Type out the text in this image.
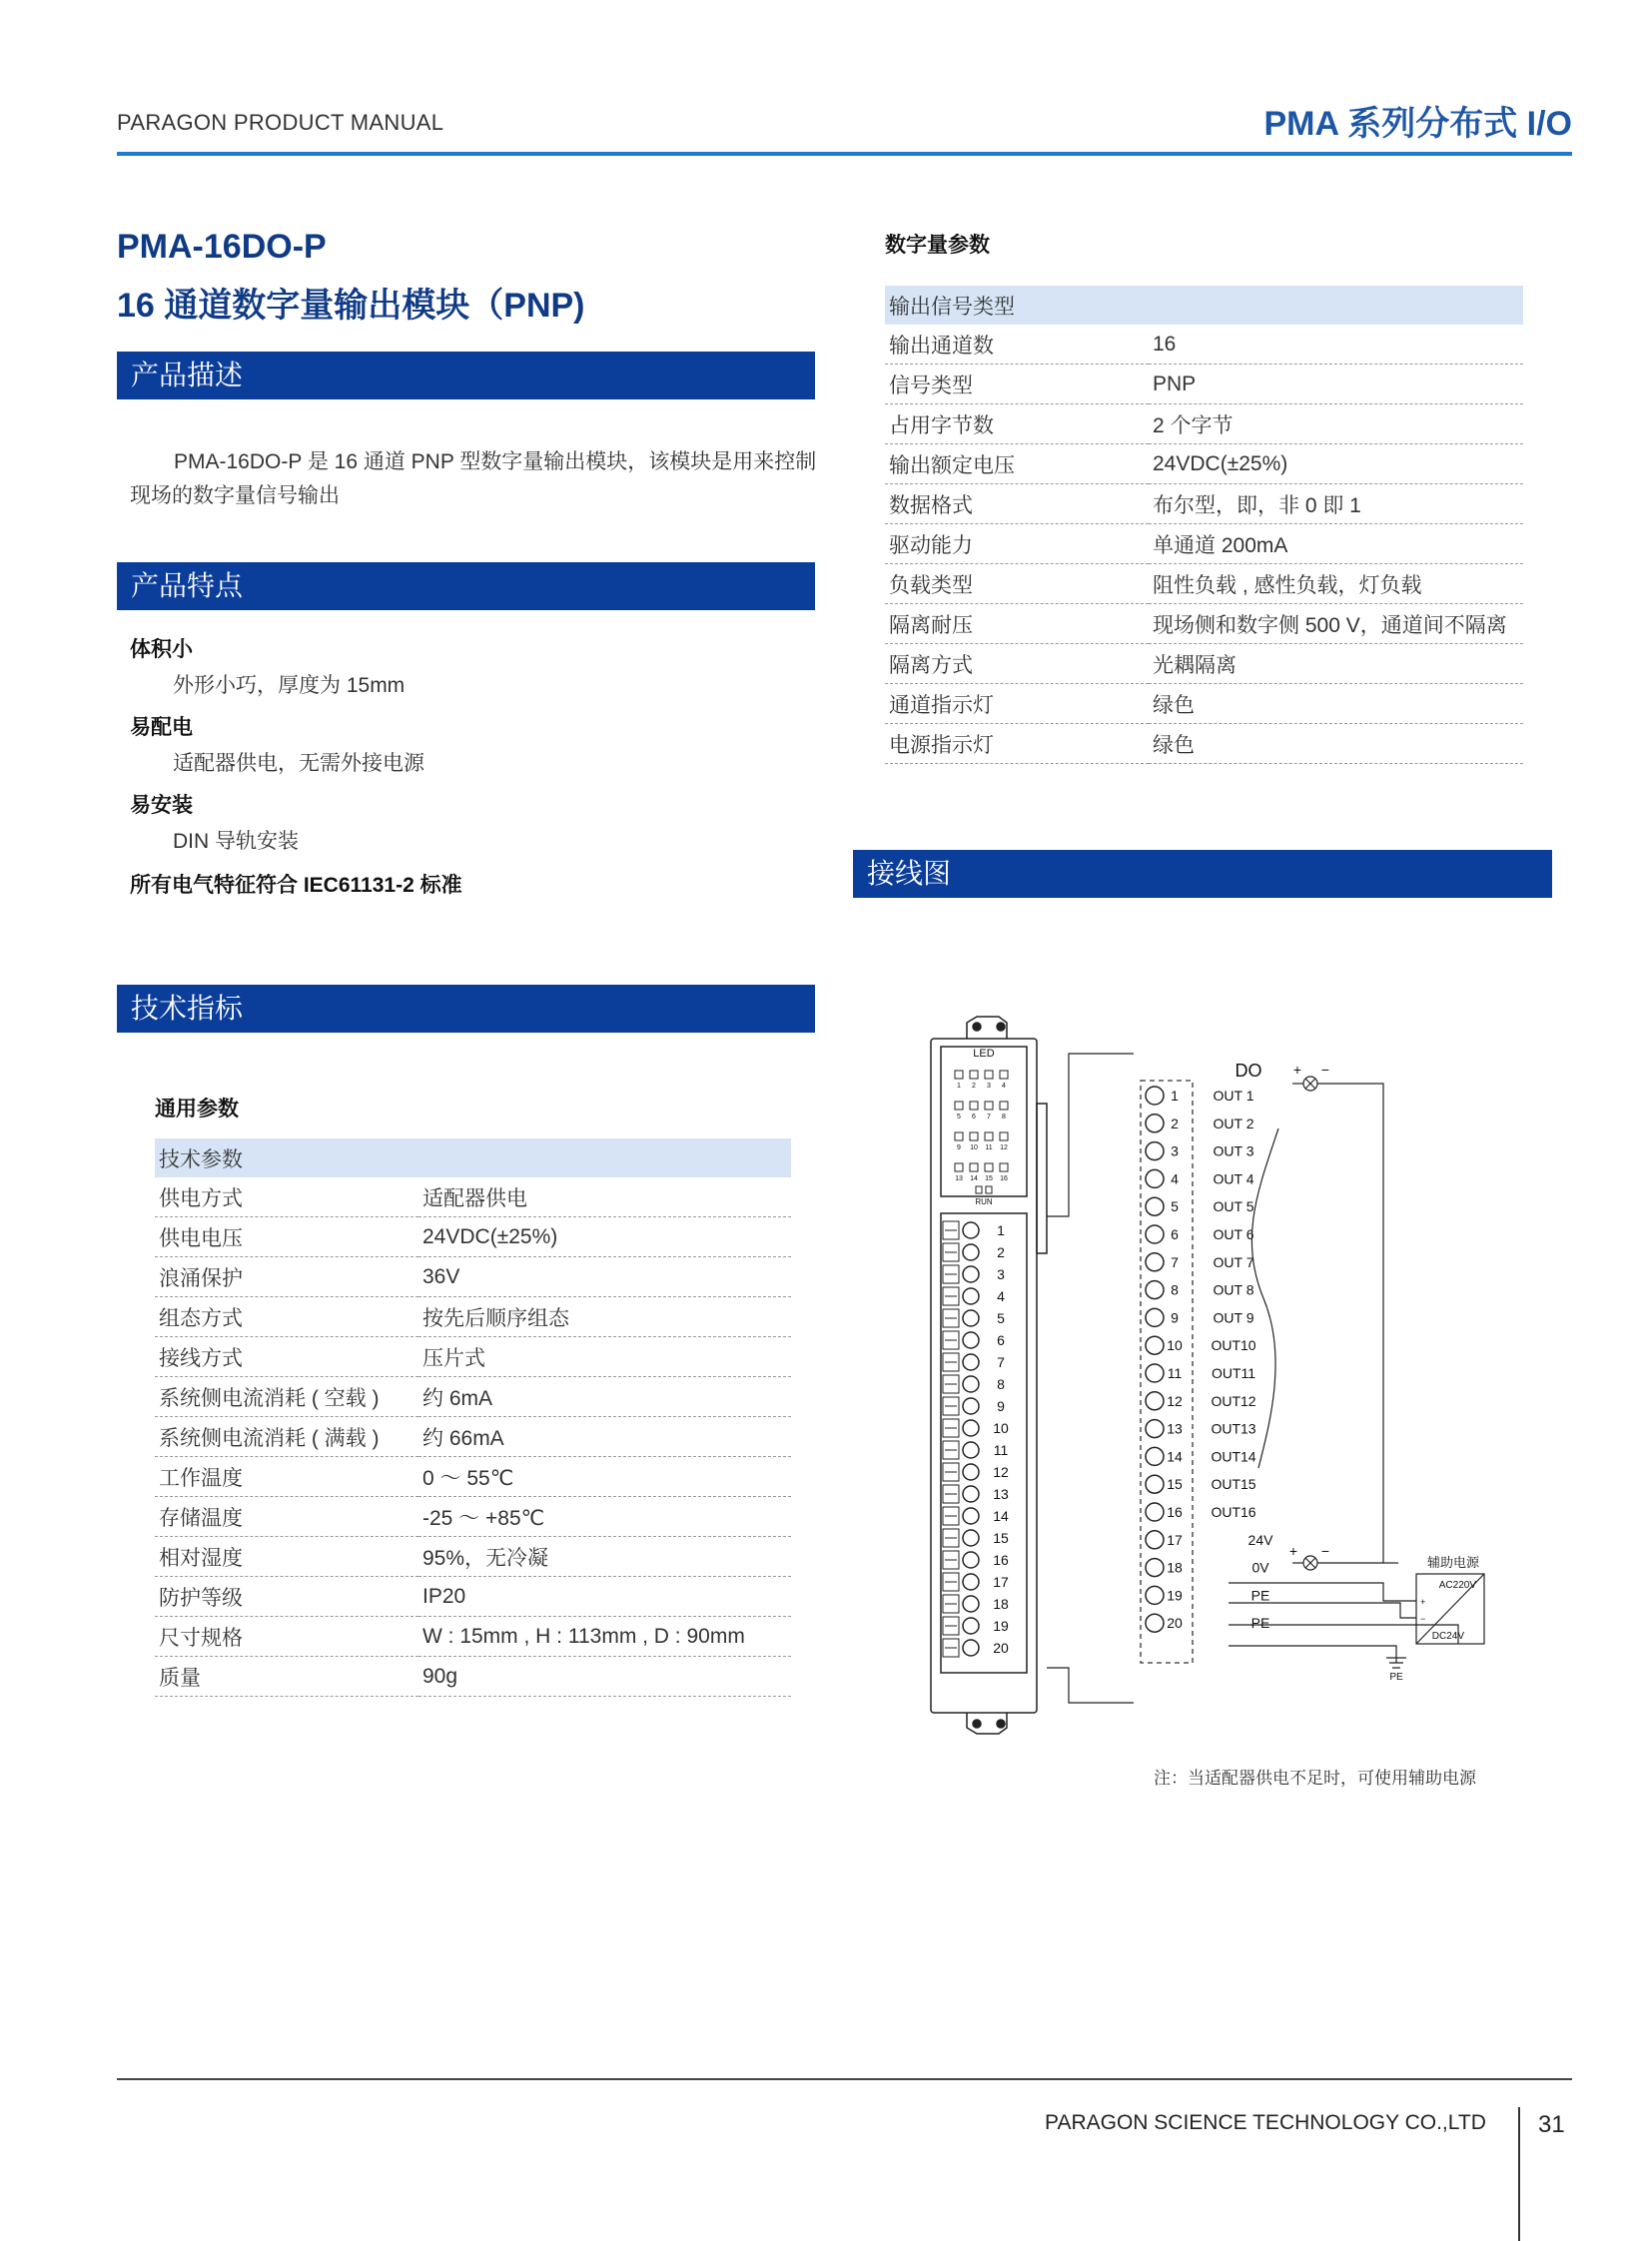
PARAGON PRODUCT MANUAL	PMA 系列分布式 I/O
PMA-16DO-P
16 通道数字量输出模块（PNP)
产品描述
PMA-16DO-P 是 16 通道 PNP 型数字量输出模块，该模块是用来控制现场的数字量信号输出
产品特点
体积小
外形小巧，厚度为 15mm
易配电
适配器供电，无需外接电源
易安装
DIN 导轨安装
所有电气特征符合 IEC61131-2 标准
技术指标
通用参数
技术参数	
供电方式	适配器供电
供电电压	24VDC(±25%)
浪涌保护	36V
组态方式	按先后顺序组态
接线方式	压片式
系统侧电流消耗 ( 空载 )	约 6mA
系统侧电流消耗 ( 满载 )	约 66mA
工作温度	0 ～ 55℃
存储温度	-25 ～ +85℃
相对湿度	95%，无冷凝
防护等级	IP20
尺寸规格	W : 15mm , H : 113mm , D : 90mm
质量	90g
数字量参数
输出信号类型	
输出通道数	16
信号类型	PNP
占用字节数	2 个字节
输出额定电压	24VDC(±25%)
数据格式	布尔型，即，非 0 即 1
驱动能力	单通道 200mA
负载类型	阻性负载 , 感性负载，灯负载
隔离耐压	现场侧和数字侧 500 V，通道间不隔离
隔离方式	光耦隔离
通道指示灯	绿色
电源指示灯	绿色
接线图
LED
1 2 3 4
5 6 7 8
9 10 11 12
13 14 15 16
RUN
1
2
3
4
5
6
7
8
9
10
11
12
13
14
15
16
17
18
19
20
DO
1 OUT 1
2 OUT 2
3 OUT 3
4 OUT 4
5 OUT 5
6 OUT 6
7 OUT 7
8 OUT 8
9 OUT 9
10 OUT10
11 OUT11
12 OUT12
13 OUT13
14 OUT14
15 OUT15
16 OUT16
17	24V
18	0V
19	PE
20	PE
+ −
+ −
辅助电源
+
−
AC220V
DC24V
PE
注：当适配器供电不足时，可使用辅助电源
PARAGON SCIENCE TECHNOLOGY CO.,LTD 31
